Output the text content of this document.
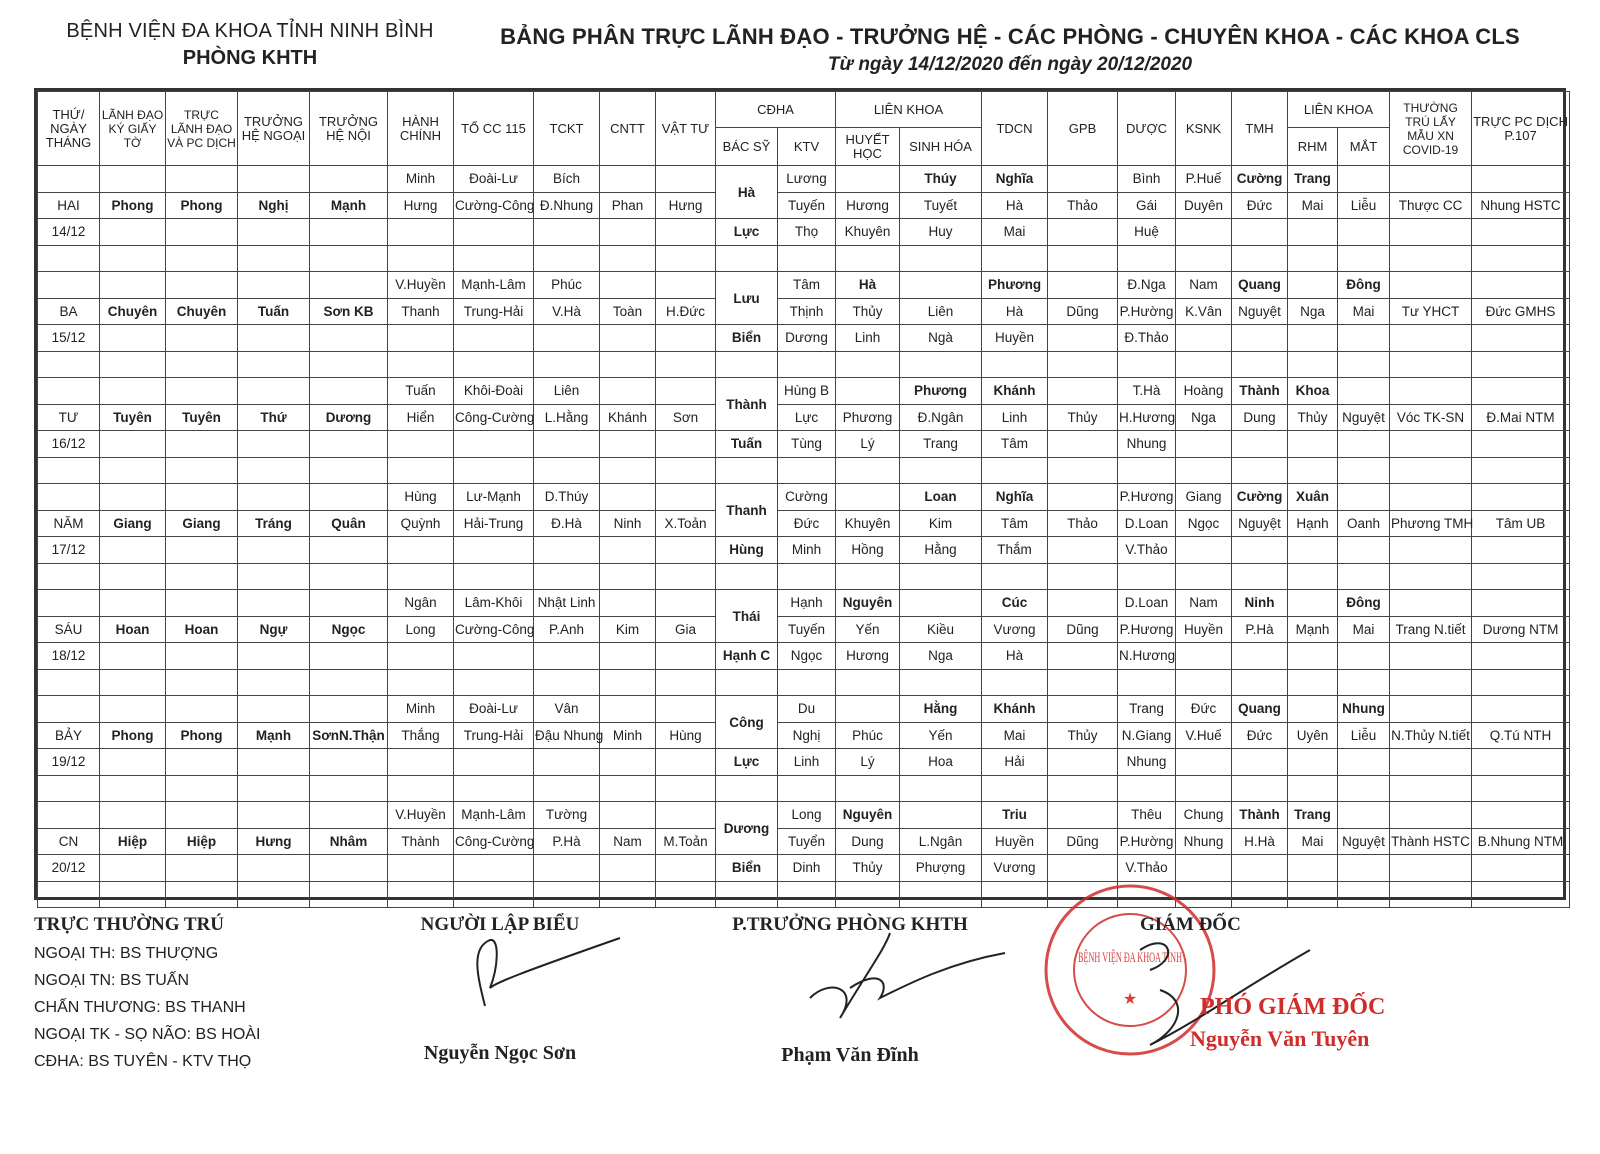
BỆNH VIỆN ĐA KHOA TỈNH NINH BÌNH
PHÒNG KHTH
BẢNG PHÂN TRỰC LÃNH ĐẠO - TRƯỞNG HỆ - CÁC PHÒNG - CHUYÊN KHOA - CÁC KHOA CLS
Từ ngày 14/12/2020 đến ngày 20/12/2020
THỨ/ NGÀY THÁNG	LÃNH ĐẠO KÝ GIẤY TỜ	TRỰC LÃNH ĐẠO VÀ PC DỊCH	TRƯỞNG HỆ NGOẠI	TRƯỞNG HỆ NỘI	HÀNH CHÍNH	TỔ CC 115	TCKT	CNTT	VẬT TƯ	CĐHA		LIÊN KHOA		TDCN	GPB	DƯỢC	KSNK	TMH	LIÊN KHOA		THƯỜNG TRÚ LẤY MẪU XN COVID-19	TRỰC PC DỊCH P.107
										BÁC SỸ	KTV	HUYẾT HỌC	SINH HÓA						RHM	MẮT		
					Minh	Đoài-Lư	Bích			Hà	Lương		Thúy	Nghĩa		Bình	P.Huế	Cường	Trang			
HAI	Phong	Phong	Nghị	Mạnh	Hưng	Cường-Công	Đ.Nhung	Phan	Hưng		Tuyến	Hương	Tuyết	Hà	Thảo	Gái	Duyên	Đức	Mai	Liễu	Thược CC	Nhung HSTC
14/12										Lực	Thọ	Khuyên	Huy	Mai		Huệ						

					V.Huyền	Mạnh-Lâm	Phúc			Lưu	Tâm	Hà		Phương		Đ.Nga	Nam	Quang		Đông		
BA	Chuyên	Chuyên	Tuấn	Sơn KB	Thanh	Trung-Hải	V.Hà	Toàn	H.Đức		Thịnh	Thủy	Liên	Hà	Dũng	P.Hường	K.Vân	Nguyệt	Nga	Mai	Tư YHCT	Đức GMHS
15/12										Biển	Dương	Linh	Ngà	Huyền		Đ.Thảo						

					Tuấn	Khôi-Đoài	Liên			Thành	Hùng B		Phương	Khánh		T.Hà	Hoàng	Thành	Khoa			
TƯ	Tuyên	Tuyên	Thứ	Dương	Hiển	Công-Cường	L.Hằng	Khánh	Sơn		Lực	Phương	Đ.Ngân	Linh	Thủy	H.Hương	Nga	Dung	Thủy	Nguyệt	Vóc TK-SN	Đ.Mai NTM
16/12										Tuấn	Tùng	Lý	Trang	Tâm		Nhung						

					Hùng	Lư-Mạnh	D.Thúy			Thanh	Cường		Loan	Nghĩa		P.Hương	Giang	Cường	Xuân			
NĂM	Giang	Giang	Tráng	Quân	Quỳnh	Hải-Trung	Đ.Hà	Ninh	X.Toản		Đức	Khuyên	Kim	Tâm	Thảo	D.Loan	Ngọc	Nguyệt	Hạnh	Oanh	Phương TMH	Tâm UB
17/12										Hùng	Minh	Hồng	Hằng	Thắm		V.Thảo						

					Ngân	Lâm-Khôi	Nhật Linh			Thái	Hạnh	Nguyên		Cúc		D.Loan	Nam	Ninh		Đông		
SÁU	Hoan	Hoan	Ngự	Ngọc	Long	Cường-Công	P.Anh	Kim	Gia		Tuyến	Yến	Kiều	Vương	Dũng	P.Hương	Huyền	P.Hà	Mạnh	Mai	Trang N.tiết	Dương NTM
18/12										Hạnh C	Ngọc	Hương	Nga	Hà		N.Hương						

					Minh	Đoài-Lư	Vân			Công	Du		Hằng	Khánh		Trang	Đức	Quang		Nhung		
BẢY	Phong	Phong	Mạnh	SơnN.Thận	Thắng	Trung-Hải	Đậu Nhung	Minh	Hùng		Nghị	Phúc	Yến	Mai	Thủy	N.Giang	V.Huế	Đức	Uyên	Liễu	N.Thủy N.tiết	Q.Tú NTH
19/12										Lực	Linh	Lý	Hoa	Hải		Nhung						

					V.Huyền	Mạnh-Lâm	Tường			Dương	Long	Nguyên		Triu		Thêu	Chung	Thành	Trang			
CN	Hiệp	Hiệp	Hưng	Nhâm	Thành	Công-Cường	P.Hà	Nam	M.Toản		Tuyển	Dung	L.Ngân	Huyền	Dũng	P.Hường	Nhung	H.Hà	Mai	Nguyệt	Thành HSTC	B.Nhung NTM
20/12										Biển	Dinh	Thủy	Phượng	Vương		V.Thảo						

TRỰC THƯỜNG TRÚ
NGOẠI TH: BS THƯỢNG
NGOẠI TN: BS TUẤN
CHẤN THƯƠNG: BS THANH
NGOẠI TK - SỌ NÃO: BS HOÀI
CĐHA: BS TUYÊN - KTV THỌ
NGƯỜI LẬP BIỂU
Nguyễn Ngọc Sơn
P.TRƯỞNG PHÒNG KHTH
Phạm Văn Đĩnh
BỆNH VIỆN ĐA KHOA TỈNH
★
GIÁM ĐỐC
PHÓ GIÁM ĐỐC
Nguyễn Văn Tuyên
